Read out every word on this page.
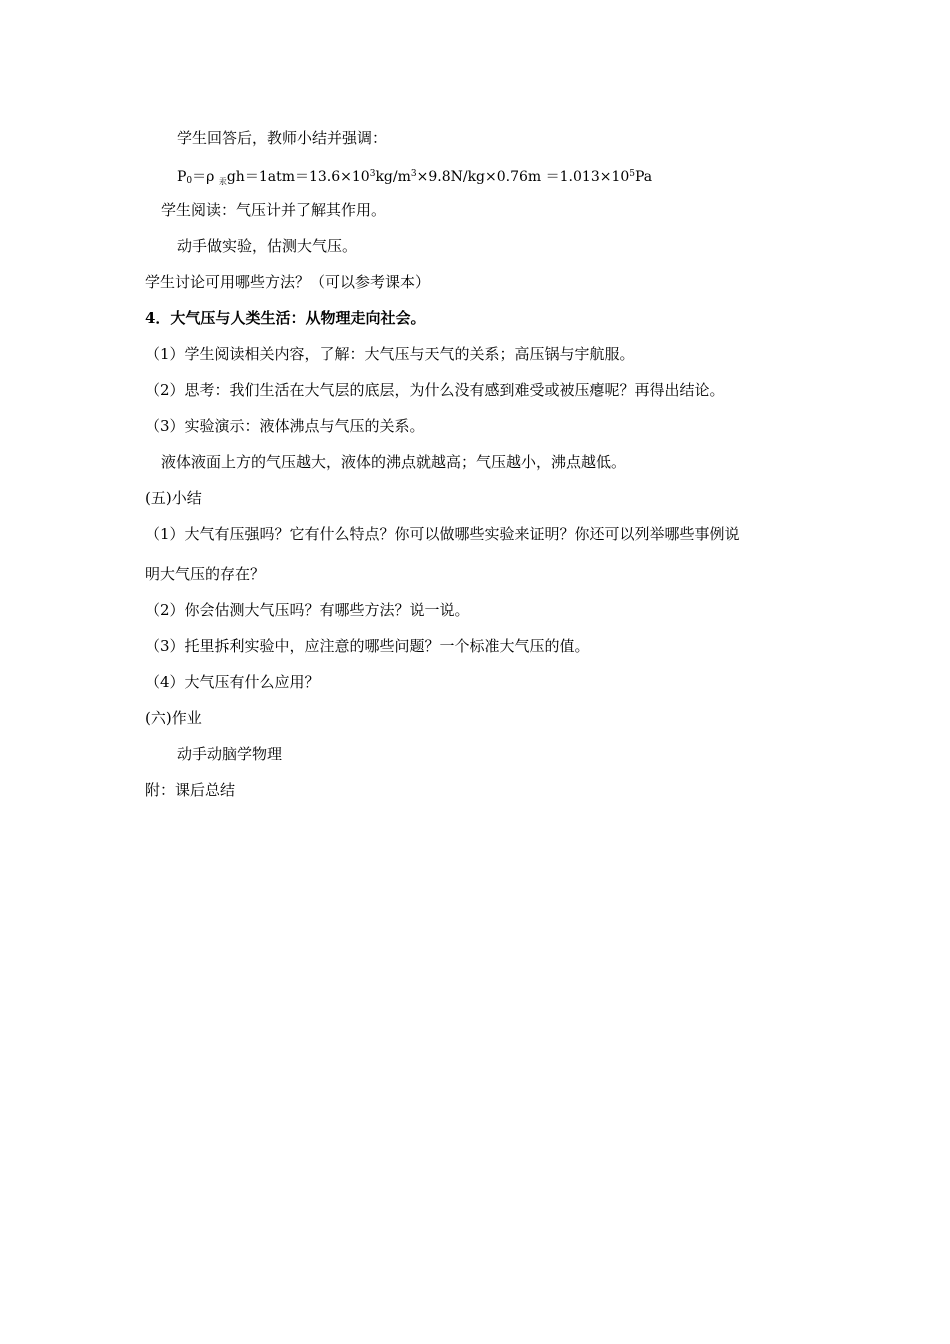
学生回答后，教师小结并强调：
$P_0=\rho$ $_汞gh=1atm=13.6\times 10^3kg/m^3\times 9.8N/kg\times 0.76m =1.013\times 10^5Pa$
学生阅读：气压计并了解其作用。
动手做实验，估测大气压。
学生讨论可用哪些方法？（可以参考课本）
4．大气压与人类生活：从物理走向社会。
（1）学生阅读相关内容，了解：大气压与天气的关系；高压锅与宇航服。
（2）思考：我们生活在大气层的底层，为什么没有感到难受或被压瘪呢？再得出结论。
（3）实验演示：液体沸点与气压的关系。
液体液面上方的气压越大，液体的沸点就越高；气压越小，沸点越低。
(五)小结
（1）大气有压强吗？它有什么特点？你可以做哪些实验来证明？你还可以列举哪些事例说
明大气压的存在？
（2）你会估测大气压吗？有哪些方法？说一说。
（3）托里拆利实验中，应注意的哪些问题？一个标准大气压的值。
（4）大气压有什么应用？
(六)作业
动手动脑学物理
附：课后总结
